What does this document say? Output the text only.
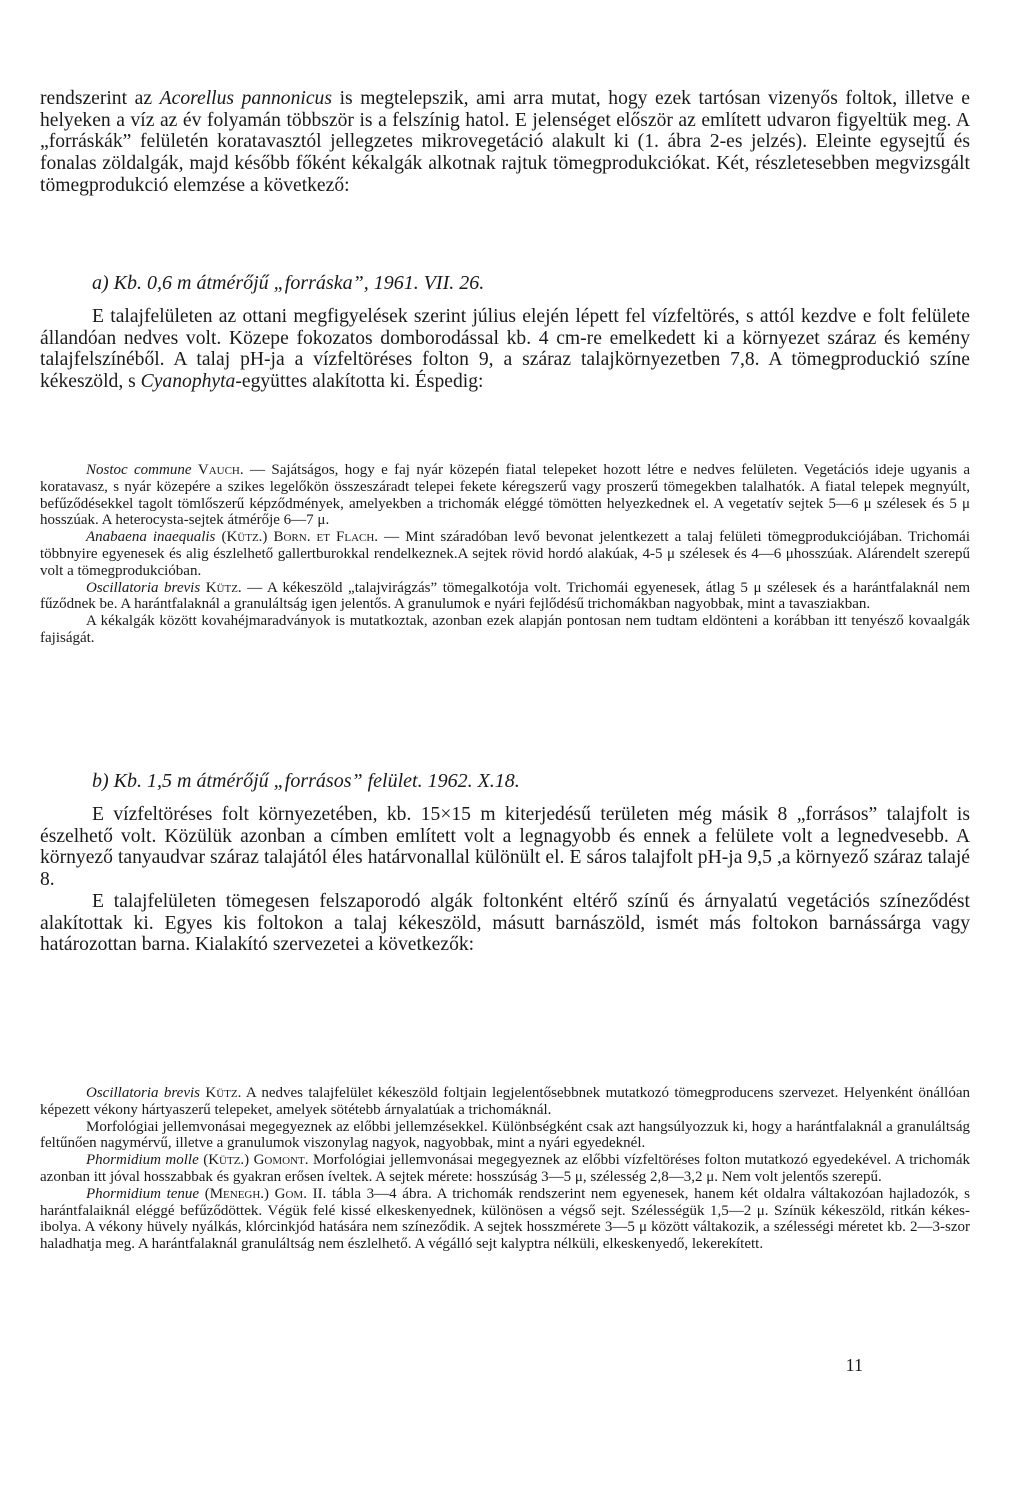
rendszerint az Acorellus pannonicus is megtelepszik, ami arra mutat, hogy ezek tartósan vizenyős foltok, illetve e helyeken a víz az év folyamán többször is a felszínig hatol. E jelenséget először az említett udvaron figyeltük meg. A „forráskák” felületén koratavasztól jellegzetes mikrovegetáció alakult ki (1. ábra 2-es jelzés). Eleinte egysejtű és fonalas zöldalgák, majd később főként kékalgák alkotnak rajtuk tömegprodukciókat. Két, részletesebben megvizsgált tömegprodukció elemzése a következő:

a) Kb. 0,6 m átmérőjű „forráska”, 1961. VII. 26.

E talajfelületen az ottani megfigyelések szerint július elején lépett fel vízfeltörés, s attól kezdve e folt felülete állandóan nedves volt. Közepe fokozatos domborodással kb. 4 cm-re emelkedett ki a környezet száraz és kemény talajfelszínéből. A talaj pH-ja a vízfeltöréses folton 9, a száraz talajkörnyezetben 7,8. A tömegproduckió színe kékeszöld, s Cyanophyta-együttes alakította ki. Éspedig:

Nostoc commune Vauch. — Sajátságos, hogy e faj nyár közepén fiatal telepeket hozott létre e nedves felületen. Vegetációs ideje ugyanis a koratavasz, s nyár közepére a szikes legelőkön összeszáradt telepei fekete kéregszerű vagy proszerű tömegekben talalhatók. A fiatal telepek megnyúlt, befűződésekkel tagolt tömlőszerű képződmények, amelyekben a trichomák eléggé tömötten helyezkednek el. A vegetatív sejtek 5—6 μ szélesek és 5 μ hosszúak. A heterocysta-sejtek átmérője 6—7 μ.

Anabaena inaequalis (Kütz.) Born. et Flach. — Mint száradóban levő bevonat jelentkezett a talaj felületi tömegprodukciójában. Trichomái többnyire egyenesek és alig észlelhető gallertburokkal rendelkeznek.A sejtek rövid hordó alakúak, 4-5 μ szélesek és 4—6 μhosszúak. Alárendelt szerepű volt a tömegprodukcióban.

Oscillatoria brevis Kütz. — A kékeszöld „talajvirágzás” tömegalkotója volt. Trichomái egyenesek, átlag 5 μ szélesek és a harántfalaknál nem fűződnek be. A harántfalaknál a granuláltság igen jelentős. A granulumok e nyári fejlődésű trichomákban nagyobbak, mint a tavasziakban.

A kékalgák között kovahéjmaradványok is mutatkoztak, azonban ezek alapján pontosan nem tudtam eldönteni a korábban itt tenyésző kovaalgák fajiságát.

b) Kb. 1,5 m átmérőjű „forrásos” felület. 1962. X.18.

E vízfeltöréses folt környezetében, kb. 15×15 m kiterjedésű területen még másik 8 „forrásos” talajfolt is észelhető volt. Közülük azonban a címben említett volt a legnagyobb és ennek a felülete volt a legnedvesebb. A környező tanyaudvar száraz talajától éles határvonallal különült el. E sáros talajfolt pH-ja 9,5 ,a környező száraz talajé 8.

E talajfelületen tömegesen felszaporodó algák foltonként eltérő színű és árnyalatú vegetációs színeződést alakítottak ki. Egyes kis foltokon a talaj kékeszöld, másutt barnászöld, ismét más foltokon barnássárga vagy határozottan barna. Kialakító szervezetei a következők:

Oscillatoria brevis Kütz. A nedves talajfelület kékeszöld foltjain legjelentősebbnek mutatkozó tömegproducens szervezet. Helyenként önállóan képezett vékony hártyaszerű telepeket, amelyek sötétebb árnyalatúak a trichomáknál.

Morfológiai jellemvonásai megegyeznek az előbbi jellemzésekkel. Különbségként csak azt hangsúlyozzuk ki, hogy a harántfalaknál a granuláltság feltűnően nagymérvű, illetve a granulumok viszonylag nagyok, nagyobbak, mint a nyári egyedeknél.

Phormidium molle (Kütz.) Gomont. Morfológiai jellemvonásai megegyeznek az előbbi vízfeltöréses folton mutatkozó egyedekével. A trichomák azonban itt jóval hosszabbak és gyakran erősen íveltek. A sejtek mérete: hosszúság 3—5 μ, szélesség 2,8—3,2 μ. Nem volt jelentős szerepű.

Phormidium tenue (Menegh.) Gom. II. tábla 3—4 ábra. A trichomák rendszerint nem egyenesek, hanem két oldalra váltakozóan hajladozók, s harántfalaiknál eléggé befűződöttek. Végük felé kissé elkeskenyednek, különösen a végső sejt. Szélességük 1,5—2 μ. Színük kékeszöld, ritkán kékesibolya. A vékony hüvely nyálkás, klórcinkjód hatására nem színeződik. A sejtek hosszmérete 3—5 μ között váltakozik, a szélességi méretet kb. 2—3-szor haladhatja meg. A harántfalaknál granuláltság nem észlelhető. A végálló sejt kalyptra nélküli, elkeskenyedő, lekerekített.

11
